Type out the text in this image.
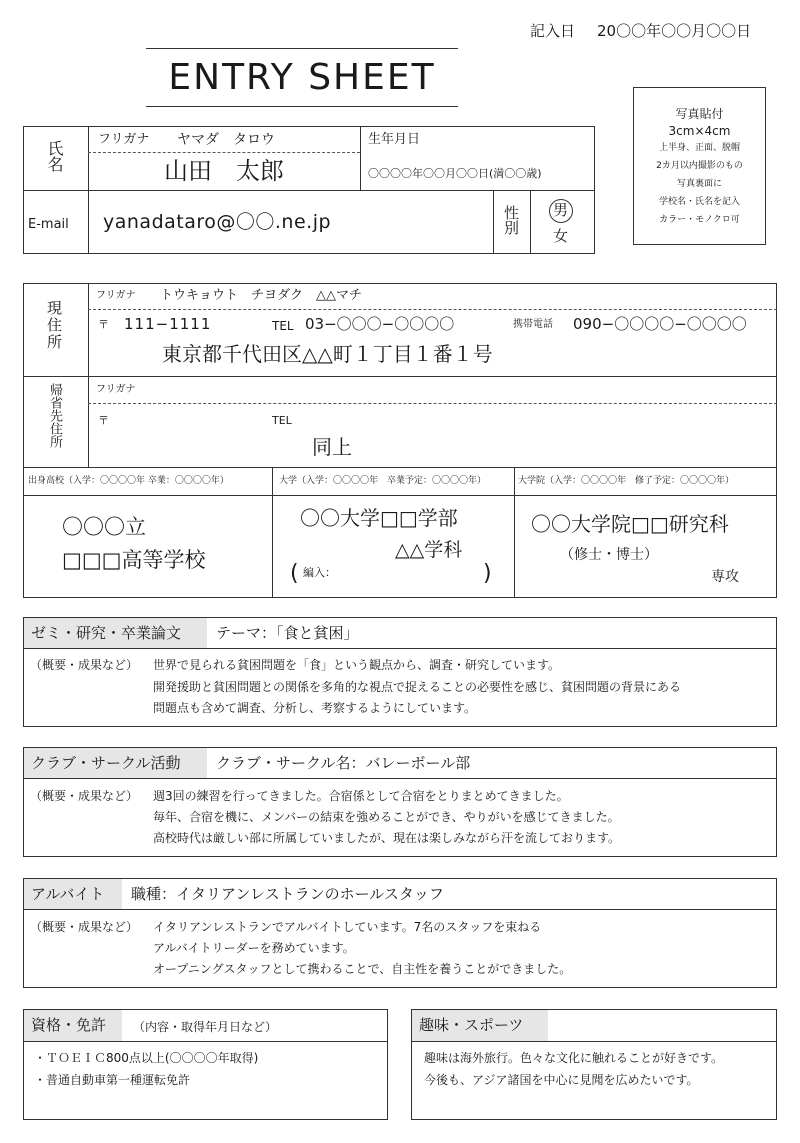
記入日 20〇〇年〇〇月〇〇日
ENTRY SHEET
写真貼付
3cm×4cm
上半身、正面、脱帽
2カ月以内撮影のもの
写真裏面に
学校名・氏名を記入
カラー・モノクロ可
氏名
フリガナ ヤマダ　タロウ
山田　太郎
生年月日
〇〇〇〇年〇〇月〇〇日(満〇〇歳)
E-mail yanadataro@〇〇.ne.jp	性別 男
女
現住所
フリガナ トウキョウト　チヨダク　△△マチ
〒 111−1111	TEL 03−〇〇〇−〇〇〇〇	携帯電話 090−〇〇〇〇−〇〇〇〇
東京都千代田区△△町１丁目１番１号
帰省先住所	フリガナ
〒	TEL
同上
出身高校（入学：〇〇〇〇年 卒業：〇〇〇〇年）	大学（入学：〇〇〇〇年　卒業予定：〇〇〇〇年）	大学院（入学：〇〇〇〇年　修了予定：〇〇〇〇年）
〇〇〇立
□□□高等学校
〇〇大学□□学部
△△学科
( 編入：	)
〇〇大学院□□研究科
（修士・博士）
専攻
ゼミ・研究・卒業論文 テーマ：「食と貧困」
（概要・成果など） 世界で見られる貧困問題を「食」という観点から、調査・研究しています。
開発援助と貧困問題との関係を多角的な視点で捉えることの必要性を感じ、貧困問題の背景にある
問題点も含めて調査、分析し、考察するようにしています。
クラブ・サークル活動 クラブ・サークル名：バレーボール部
（概要・成果など） 週3回の練習を行ってきました。合宿係として合宿をとりまとめてきました。
毎年、合宿を機に、メンバーの結束を強めることができ、やりがいを感じてきました。
高校時代は厳しい部に所属していましたが、現在は楽しみながら汗を流しております。
アルバイト 職種：イタリアンレストランのホールスタッフ
（概要・成果など） イタリアンレストランでアルバイトしています。7名のスタッフを束ねる
アルバイトリーダーを務めています。
オープニングスタッフとして携わることで、自主性を養うことができました。
資格・免許 （内容・取得年月日など）
・ＴＯＥＩＣ800点以上(〇〇〇〇年取得)
・普通自動車第一種運転免許
趣味・スポーツ
趣味は海外旅行。色々な文化に触れることが好きです。
今後も、アジア諸国を中心に見聞を広めたいです。
